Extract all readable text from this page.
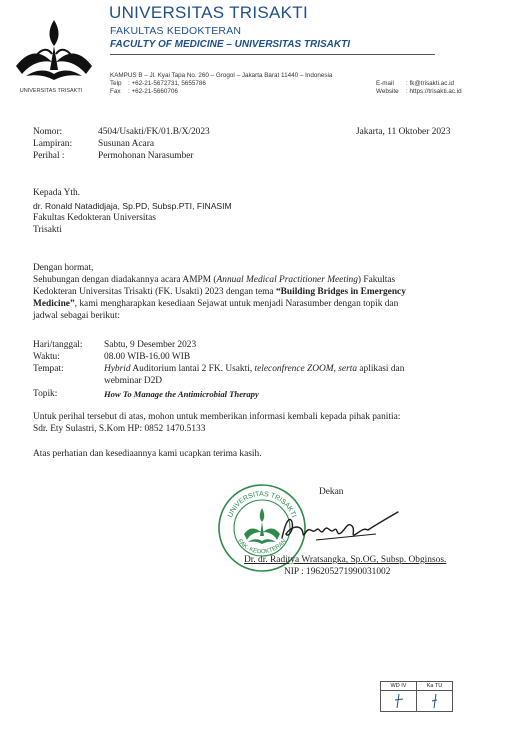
UNIVERSITAS TRISAKTI
UNIVERSITAS TRISAKTI
FAKULTAS KEDOKTERAN
FACULTY OF MEDICINE – UNIVERSITAS TRISAKTI
KAMPUS B – Jl. Kyai Tapa No. 260 – Grogol – Jakarta Barat 11440 – Indonesia
Telp : +62-21-5672731, 5655786
Fax : +62-21-5660706
E-mail : fk@trisakti.ac.id
Website : https://trisakti.ac.id
Nomor:	4504/Usakti/FK/01.B/X/2023
Lampiran:	Susunan Acara
Perihal :	Permohonan Narasumber
Jakarta, 11 Oktober 2023
Kepada Yth.
dr. Ronald Natadidjaja, Sp.PD, Subsp.PTI, FINASIM
Fakultas Kedokteran Universitas
Trisakti
Dengan hormat,
Sehubungan dengan diadakannya acara AMPM (Annual Medical Practitioner Meeting) Fakultas
Kedokteran Universitas Trisakti (FK. Usakti) 2023 dengan tema “Building Bridges in Emergency
Medicine”, kami mengharapkan kesediaan Sejawat untuk menjadi Narasumber dengan topik dan
jadwal sebagai berikut:
Hari/tanggal: Sabtu, 9 Desember 2023
Waktu:	08.00 WIB-16.00 WIB
Tempat:	Hybrid Auditorium lantai 2 FK. Usakti, teleconfrence ZOOM, serta aplikasi dan
webminar D2D
Topik:	How To Manage the Antimicrobial Therapy
Untuk perihal tersebut di atas, mohon untuk memberikan informasi kembali kepada pihak panitia:
Sdr. Ety Sulastri, S.Kom HP: 0852 1470.5133
Atas perhatian dan kesediaannya kami ucapkan terima kasih.
UNIVERSITAS TRISAKTI
FAK. KEDOKTERAN
Dekan
Dr. dr. Raditya Wratsangka, Sp.OG, Subsp. Obginsos.
NIP : 196205271990031002
WD IV	Ka TU
